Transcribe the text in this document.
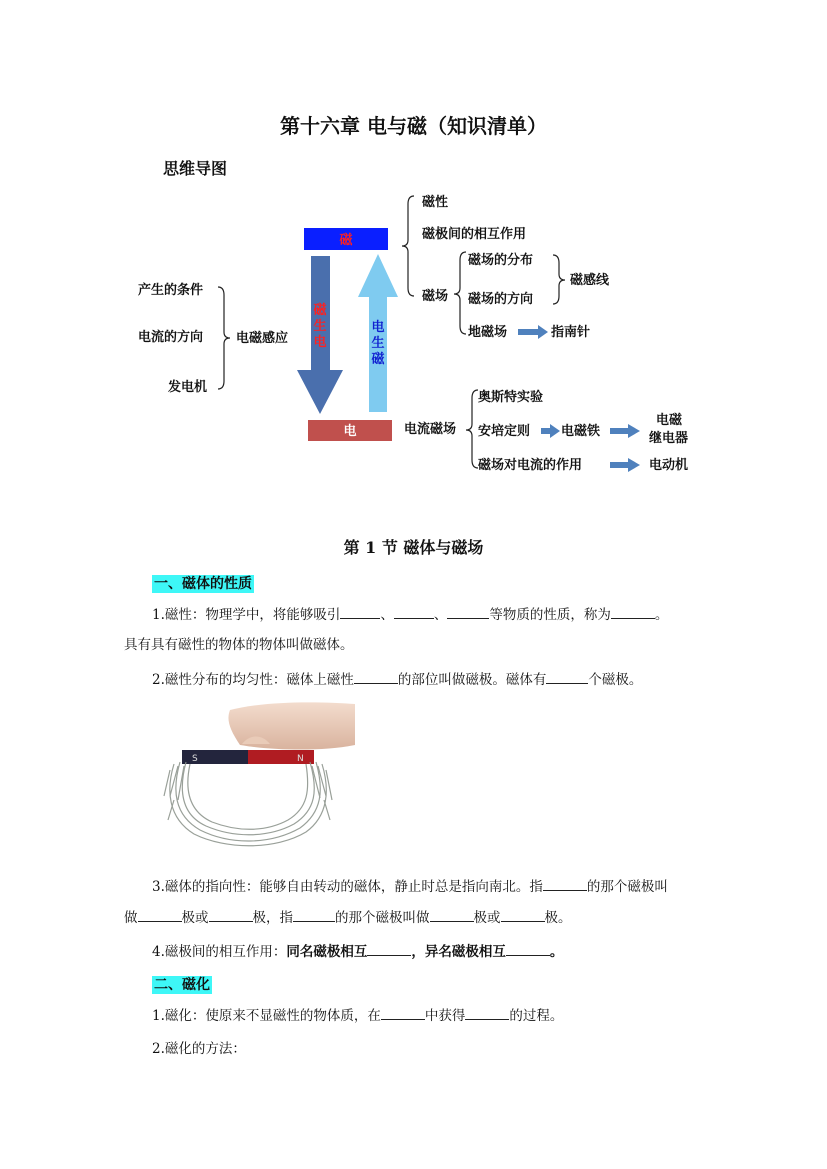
第十六章 电与磁（知识清单）
思维导图
磁
电
磁
生
电
电
生
磁
产生的条件
电流的方向
发电机
电磁感应
磁性
磁极间的相互作用
磁场
磁场的分布
磁场的方向
磁感线
地磁场	指南针
电流磁场
奥斯特实验
安培定则 电磁铁
电磁
继电器
磁场对电流的作用	电动机
第 1 节 磁体与磁场
一、磁体的性质
1.磁性：物理学中，将能够吸引	、	、	等物质的性质，称为	。
具有具有磁性的物体的物体叫做磁体。
2.磁性分布的均匀性：磁体上磁性	的部位叫做磁极。磁体有	个磁极。
S	N
3.磁体的指向性：能够自由转动的磁体，静止时总是指向南北。指	的那个磁极叫
做	极或	极，指	的那个磁极叫做	极或	极。
4.磁极间的相互作用：同名磁极相互	，异名磁极相互	。
二、磁化
1.磁化：使原来不显磁性的物体质，在	中获得	的过程。
2.磁化的方法：
